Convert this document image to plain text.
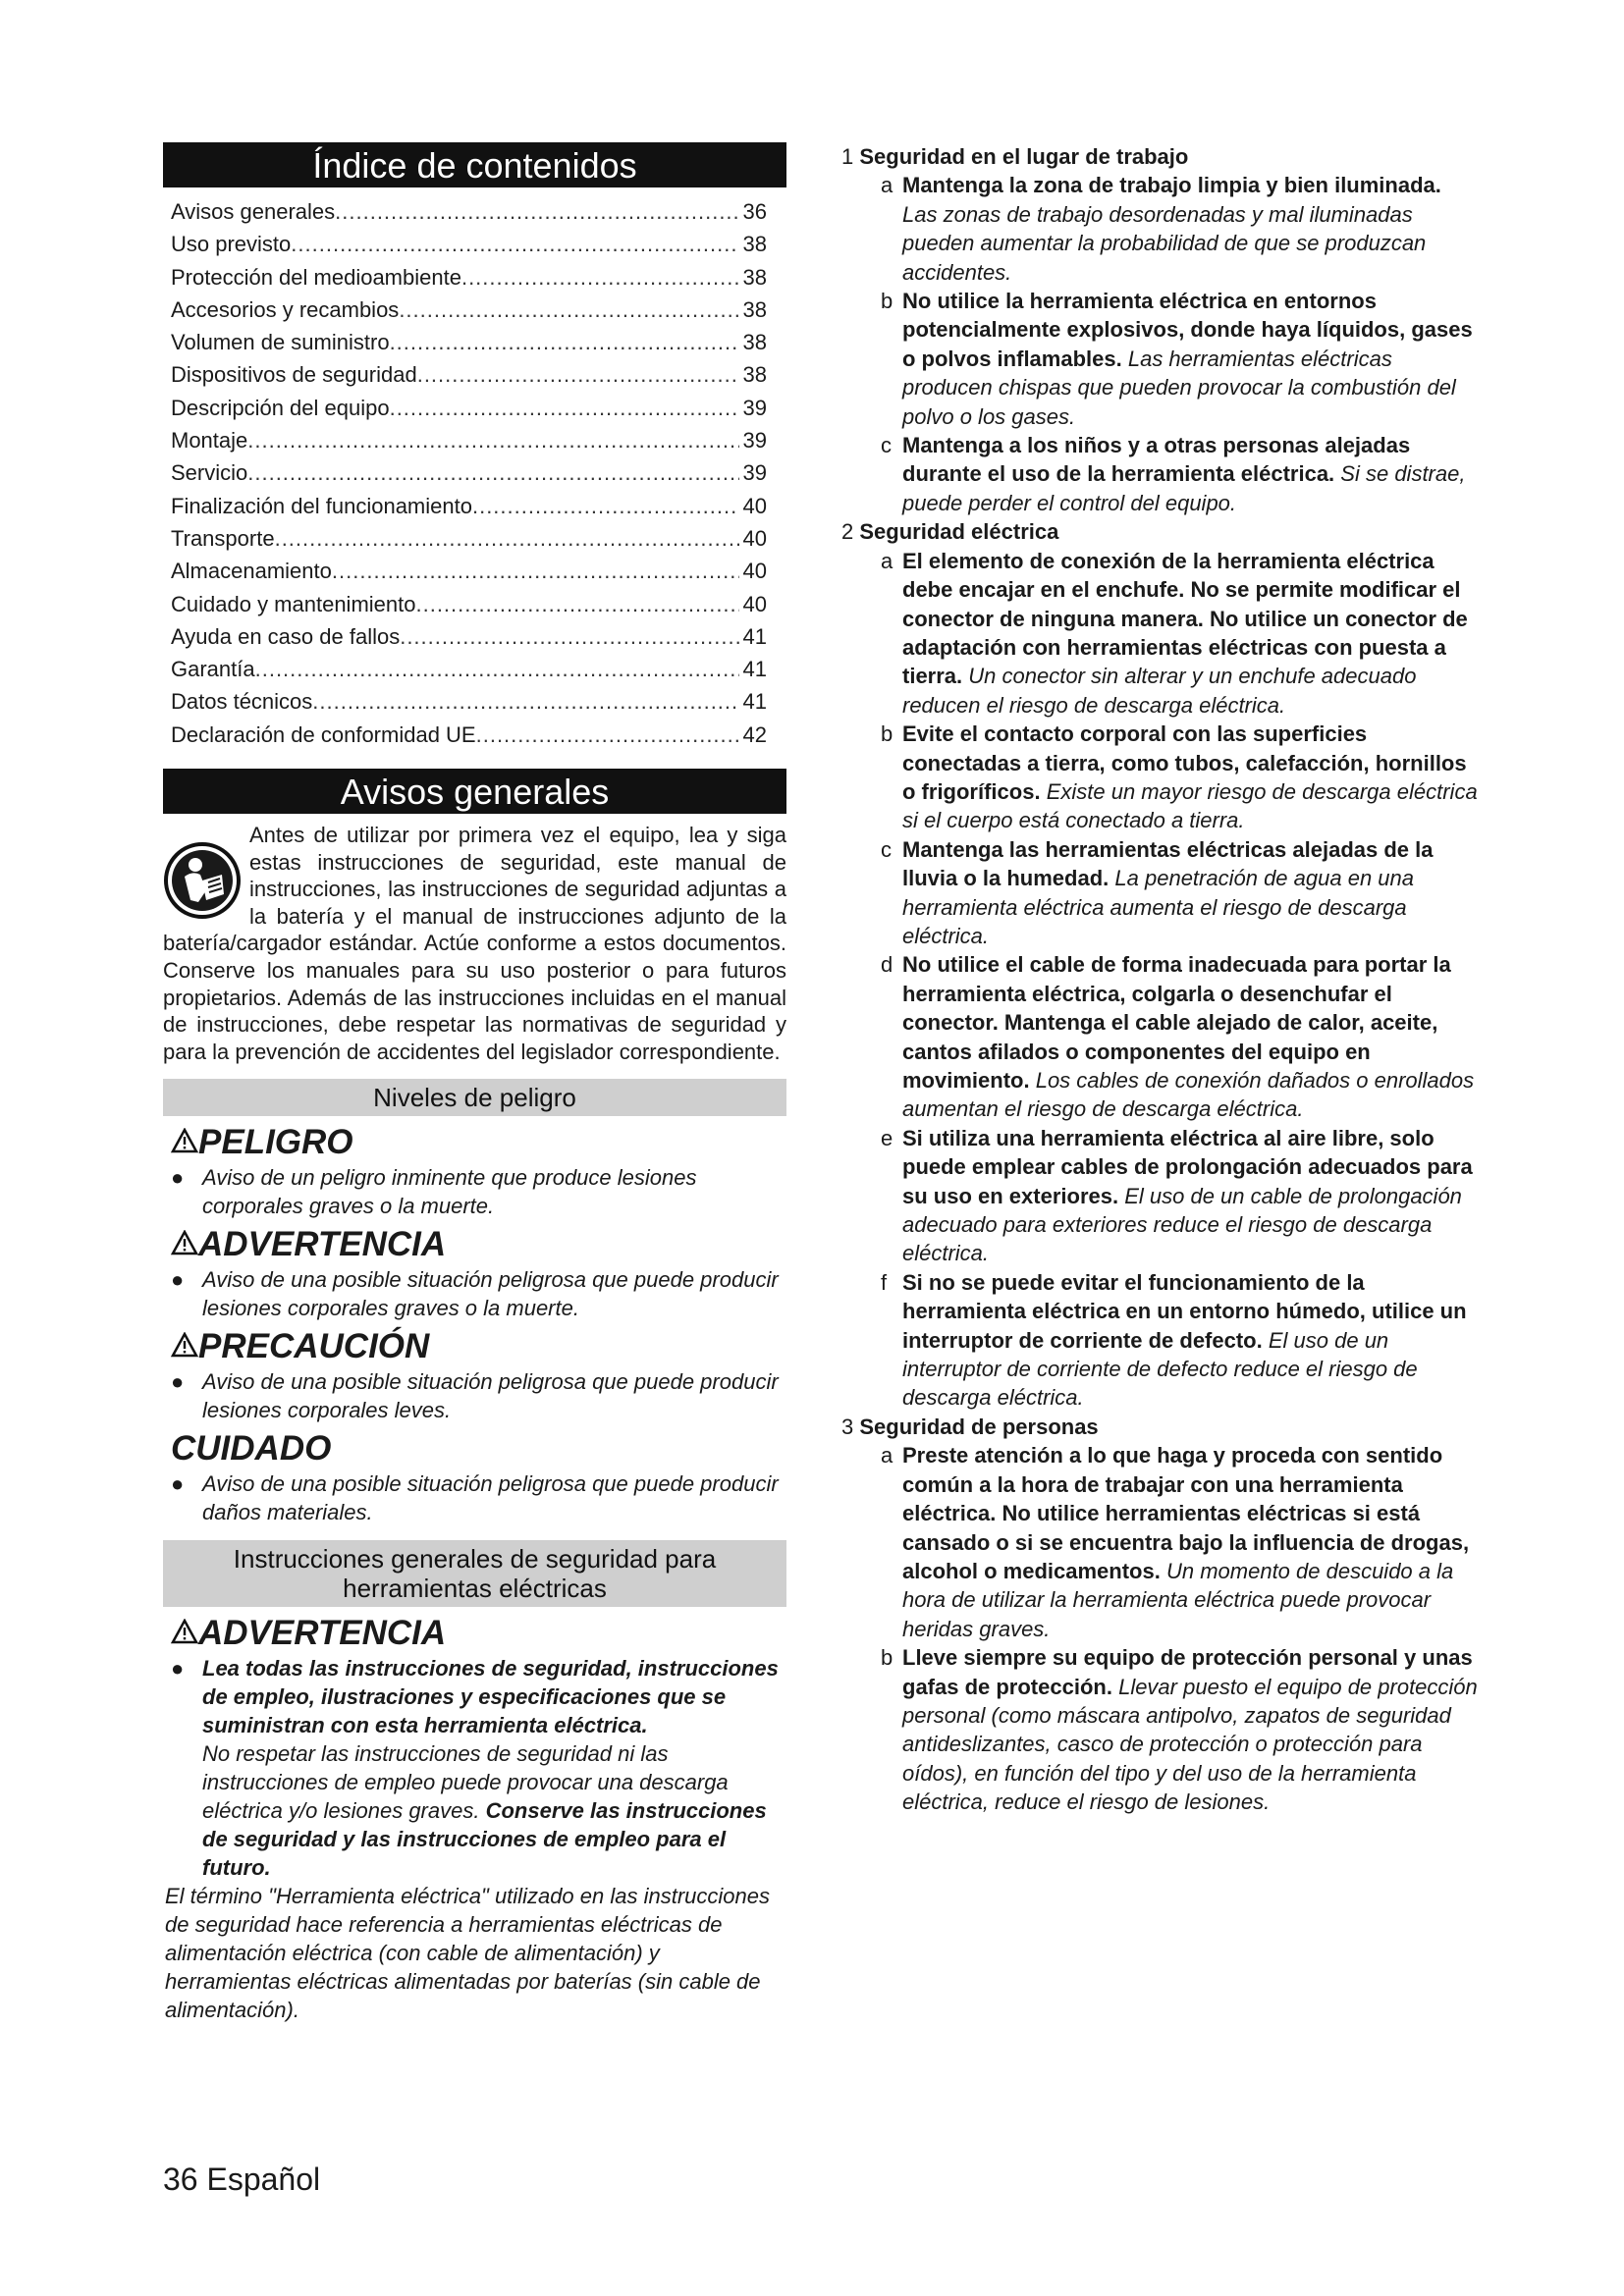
Índice de contenidos
Avisos generales .....	36
Uso previsto .....	38
Protección del medioambiente .....	38
Accesorios y recambios .....	38
Volumen de suministro .....	38
Dispositivos de seguridad .....	38
Descripción del equipo .....	39
Montaje .....	39
Servicio .....	39
Finalización del funcionamiento .....	40
Transporte .....	40
Almacenamiento .....	40
Cuidado y mantenimiento .....	40
Ayuda en caso de fallos .....	41
Garantía .....	41
Datos técnicos .....	41
Declaración de conformidad UE .....	42
Avisos generales
Antes de utilizar por primera vez el equipo, lea y siga estas instrucciones de seguridad, este manual de instrucciones, las instrucciones de seguridad adjuntas a la batería y el manual de instrucciones adjunto de la batería/cargador estándar. Actúe conforme a estos documentos. Conserve los manuales para su uso posterior o para futuros propietarios. Además de las instrucciones incluidas en el manual de instrucciones, debe respetar las normativas de seguridad y para la prevención de accidentes del legislador correspondiente.
Niveles de peligro
PELIGRO
● Aviso de un peligro inminente que produce lesiones corporales graves o la muerte.
ADVERTENCIA
● Aviso de una posible situación peligrosa que puede producir lesiones corporales graves o la muerte.
PRECAUCIÓN
● Aviso de una posible situación peligrosa que puede producir lesiones corporales leves.
CUIDADO
● Aviso de una posible situación peligrosa que puede producir daños materiales.
Instrucciones generales de seguridad para herramientas eléctricas
ADVERTENCIA
● Lea todas las instrucciones de seguridad, instrucciones de empleo, ilustraciones y especificaciones que se suministran con esta herramienta eléctrica.
No respetar las instrucciones de seguridad ni las instrucciones de empleo puede provocar una descarga eléctrica y/o lesiones graves. Conserve las instrucciones de seguridad y las instrucciones de empleo para el futuro.
El término "Herramienta eléctrica" utilizado en las instrucciones de seguridad hace referencia a herramientas eléctricas de alimentación eléctrica (con cable de alimentación) y herramientas eléctricas alimentadas por baterías (sin cable de alimentación).
1 Seguridad en el lugar de trabajo
a Mantenga la zona de trabajo limpia y bien iluminada. Las zonas de trabajo desordenadas y mal iluminadas pueden aumentar la probabilidad de que se produzcan accidentes.
b No utilice la herramienta eléctrica en entornos potencialmente explosivos, donde haya líquidos, gases o polvos inflamables. Las herramientas eléctricas producen chispas que pueden provocar la combustión del polvo o los gases.
c Mantenga a los niños y a otras personas alejadas durante el uso de la herramienta eléctrica. Si se distrae, puede perder el control del equipo.
2 Seguridad eléctrica
a El elemento de conexión de la herramienta eléctrica debe encajar en el enchufe. No se permite modificar el conector de ninguna manera. No utilice un conector de adaptación con herramientas eléctricas con puesta a tierra. Un conector sin alterar y un enchufe adecuado reducen el riesgo de descarga eléctrica.
b Evite el contacto corporal con las superficies conectadas a tierra, como tubos, calefacción, hornillos o frigoríficos. Existe un mayor riesgo de descarga eléctrica si el cuerpo está conectado a tierra.
c Mantenga las herramientas eléctricas alejadas de la lluvia o la humedad. La penetración de agua en una herramienta eléctrica aumenta el riesgo de descarga eléctrica.
d No utilice el cable de forma inadecuada para portar la herramienta eléctrica, colgarla o desenchufar el conector. Mantenga el cable alejado de calor, aceite, cantos afilados o componentes del equipo en movimiento. Los cables de conexión dañados o enrollados aumentan el riesgo de descarga eléctrica.
e Si utiliza una herramienta eléctrica al aire libre, solo puede emplear cables de prolongación adecuados para su uso en exteriores. El uso de un cable de prolongación adecuado para exteriores reduce el riesgo de descarga eléctrica.
f Si no se puede evitar el funcionamiento de la herramienta eléctrica en un entorno húmedo, utilice un interruptor de corriente de defecto. El uso de un interruptor de corriente de defecto reduce el riesgo de descarga eléctrica.
3 Seguridad de personas
a Preste atención a lo que haga y proceda con sentido común a la hora de trabajar con una herramienta eléctrica. No utilice herramientas eléctricas si está cansado o si se encuentra bajo la influencia de drogas, alcohol o medicamentos. Un momento de descuido a la hora de utilizar la herramienta eléctrica puede provocar heridas graves.
b Lleve siempre su equipo de protección personal y unas gafas de protección. Llevar puesto el equipo de protección personal (como máscara antipolvo, zapatos de seguridad antideslizantes, casco de protección o protección para oídos), en función del tipo y del uso de la herramienta eléctrica, reduce el riesgo de lesiones.
36 Español
